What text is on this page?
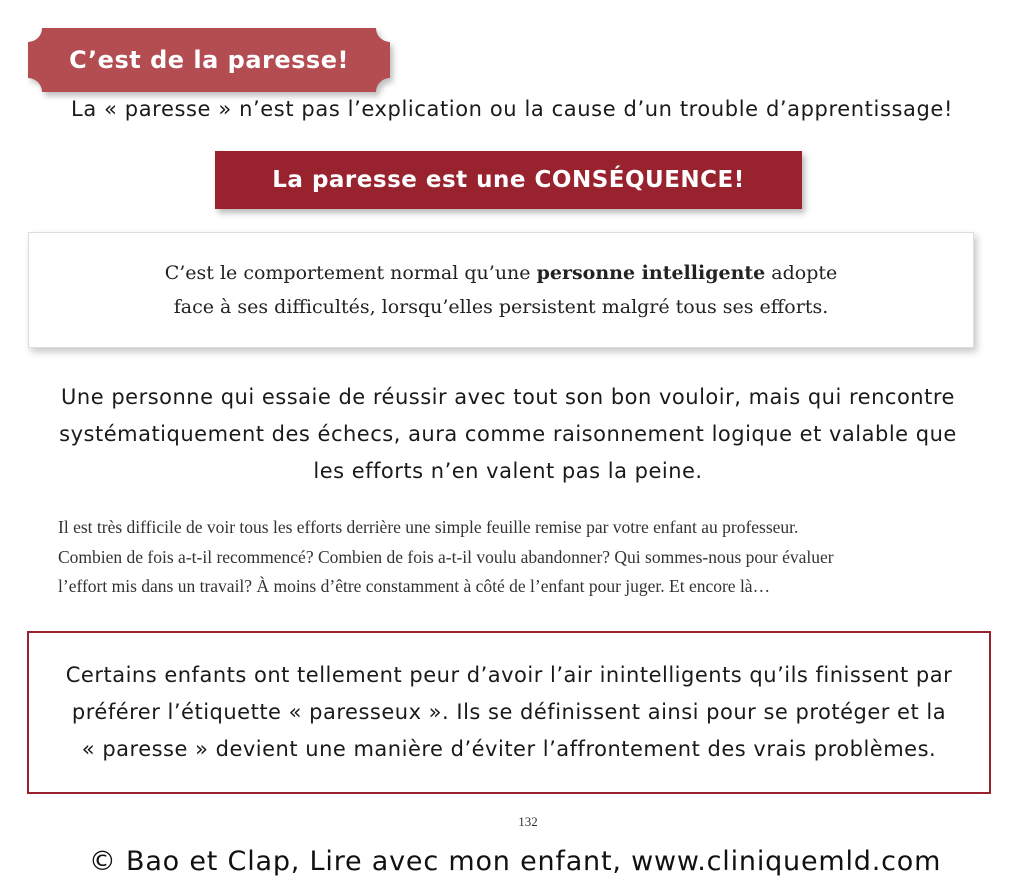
C’est de la paresse!
La « paresse » n’est pas l’explication ou la cause d’un trouble d’apprentissage!
La paresse est une CONSÉQUENCE!
C’est le comportement normal qu’une personne intelligente adopte
face à ses difficultés, lorsqu’elles persistent malgré tous ses efforts.
Une personne qui essaie de réussir avec tout son bon vouloir, mais qui rencontre
systématiquement des échecs, aura comme raisonnement logique et valable que
les efforts n’en valent pas la peine.
Il est très difficile de voir tous les efforts derrière une simple feuille remise par votre enfant au professeur.
Combien de fois a-t-il recommencé? Combien de fois a-t-il voulu abandonner? Qui sommes-nous pour évaluer
l’effort mis dans un travail? À moins d’être constamment à côté de l’enfant pour juger. Et encore là…
Certains enfants ont tellement peur d’avoir l’air inintelligents qu’ils finissent par
préférer l’étiquette « paresseux ». Ils se définissent ainsi pour se protéger et la
« paresse » devient une manière d’éviter l’affrontement des vrais problèmes.
132
© Bao et Clap, Lire avec mon enfant, www.cliniquemld.com
